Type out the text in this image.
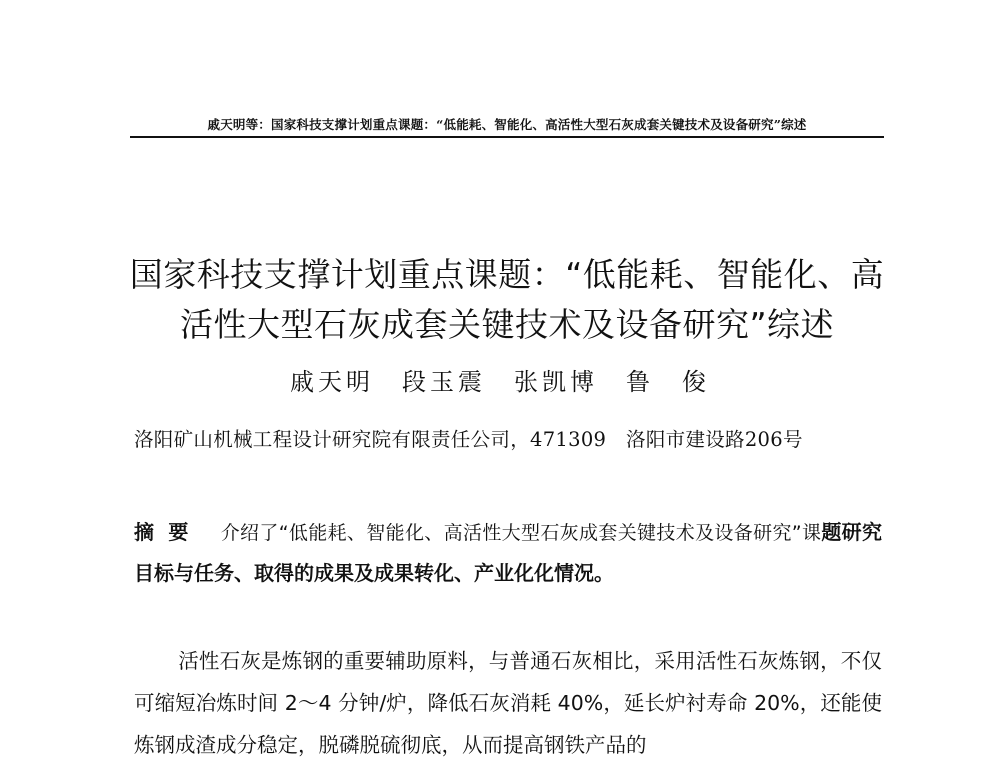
戚天明等：国家科技支撑计划重点课题：“低能耗、智能化、高活性大型石灰成套关键技术及设备研究”综述
国家科技支撑计划重点课题：“低能耗、智能化、高
活性大型石灰成套关键技术及设备研究”综述
戚天明　段玉震　张凯博　鲁　俊
洛阳矿山机械工程设计研究院有限责任公司，471309　洛阳市建设路206号
摘要 介绍了“低能耗、智能化、高活性大型石灰成套关键技术及设备研究”课题研究目标与任务、取得的成果及成果转化、产业化化情况。
活性石灰是炼钢的重要辅助原料，与普通石灰相比，采用活性石灰炼钢，不仅可缩短冶炼时间 2～4 分钟/炉，降低石灰消耗 40%，延长炉衬寿命 20%，还能使炼钢成渣成分稳定，脱磷脱硫彻底，从而提高钢铁产品的
